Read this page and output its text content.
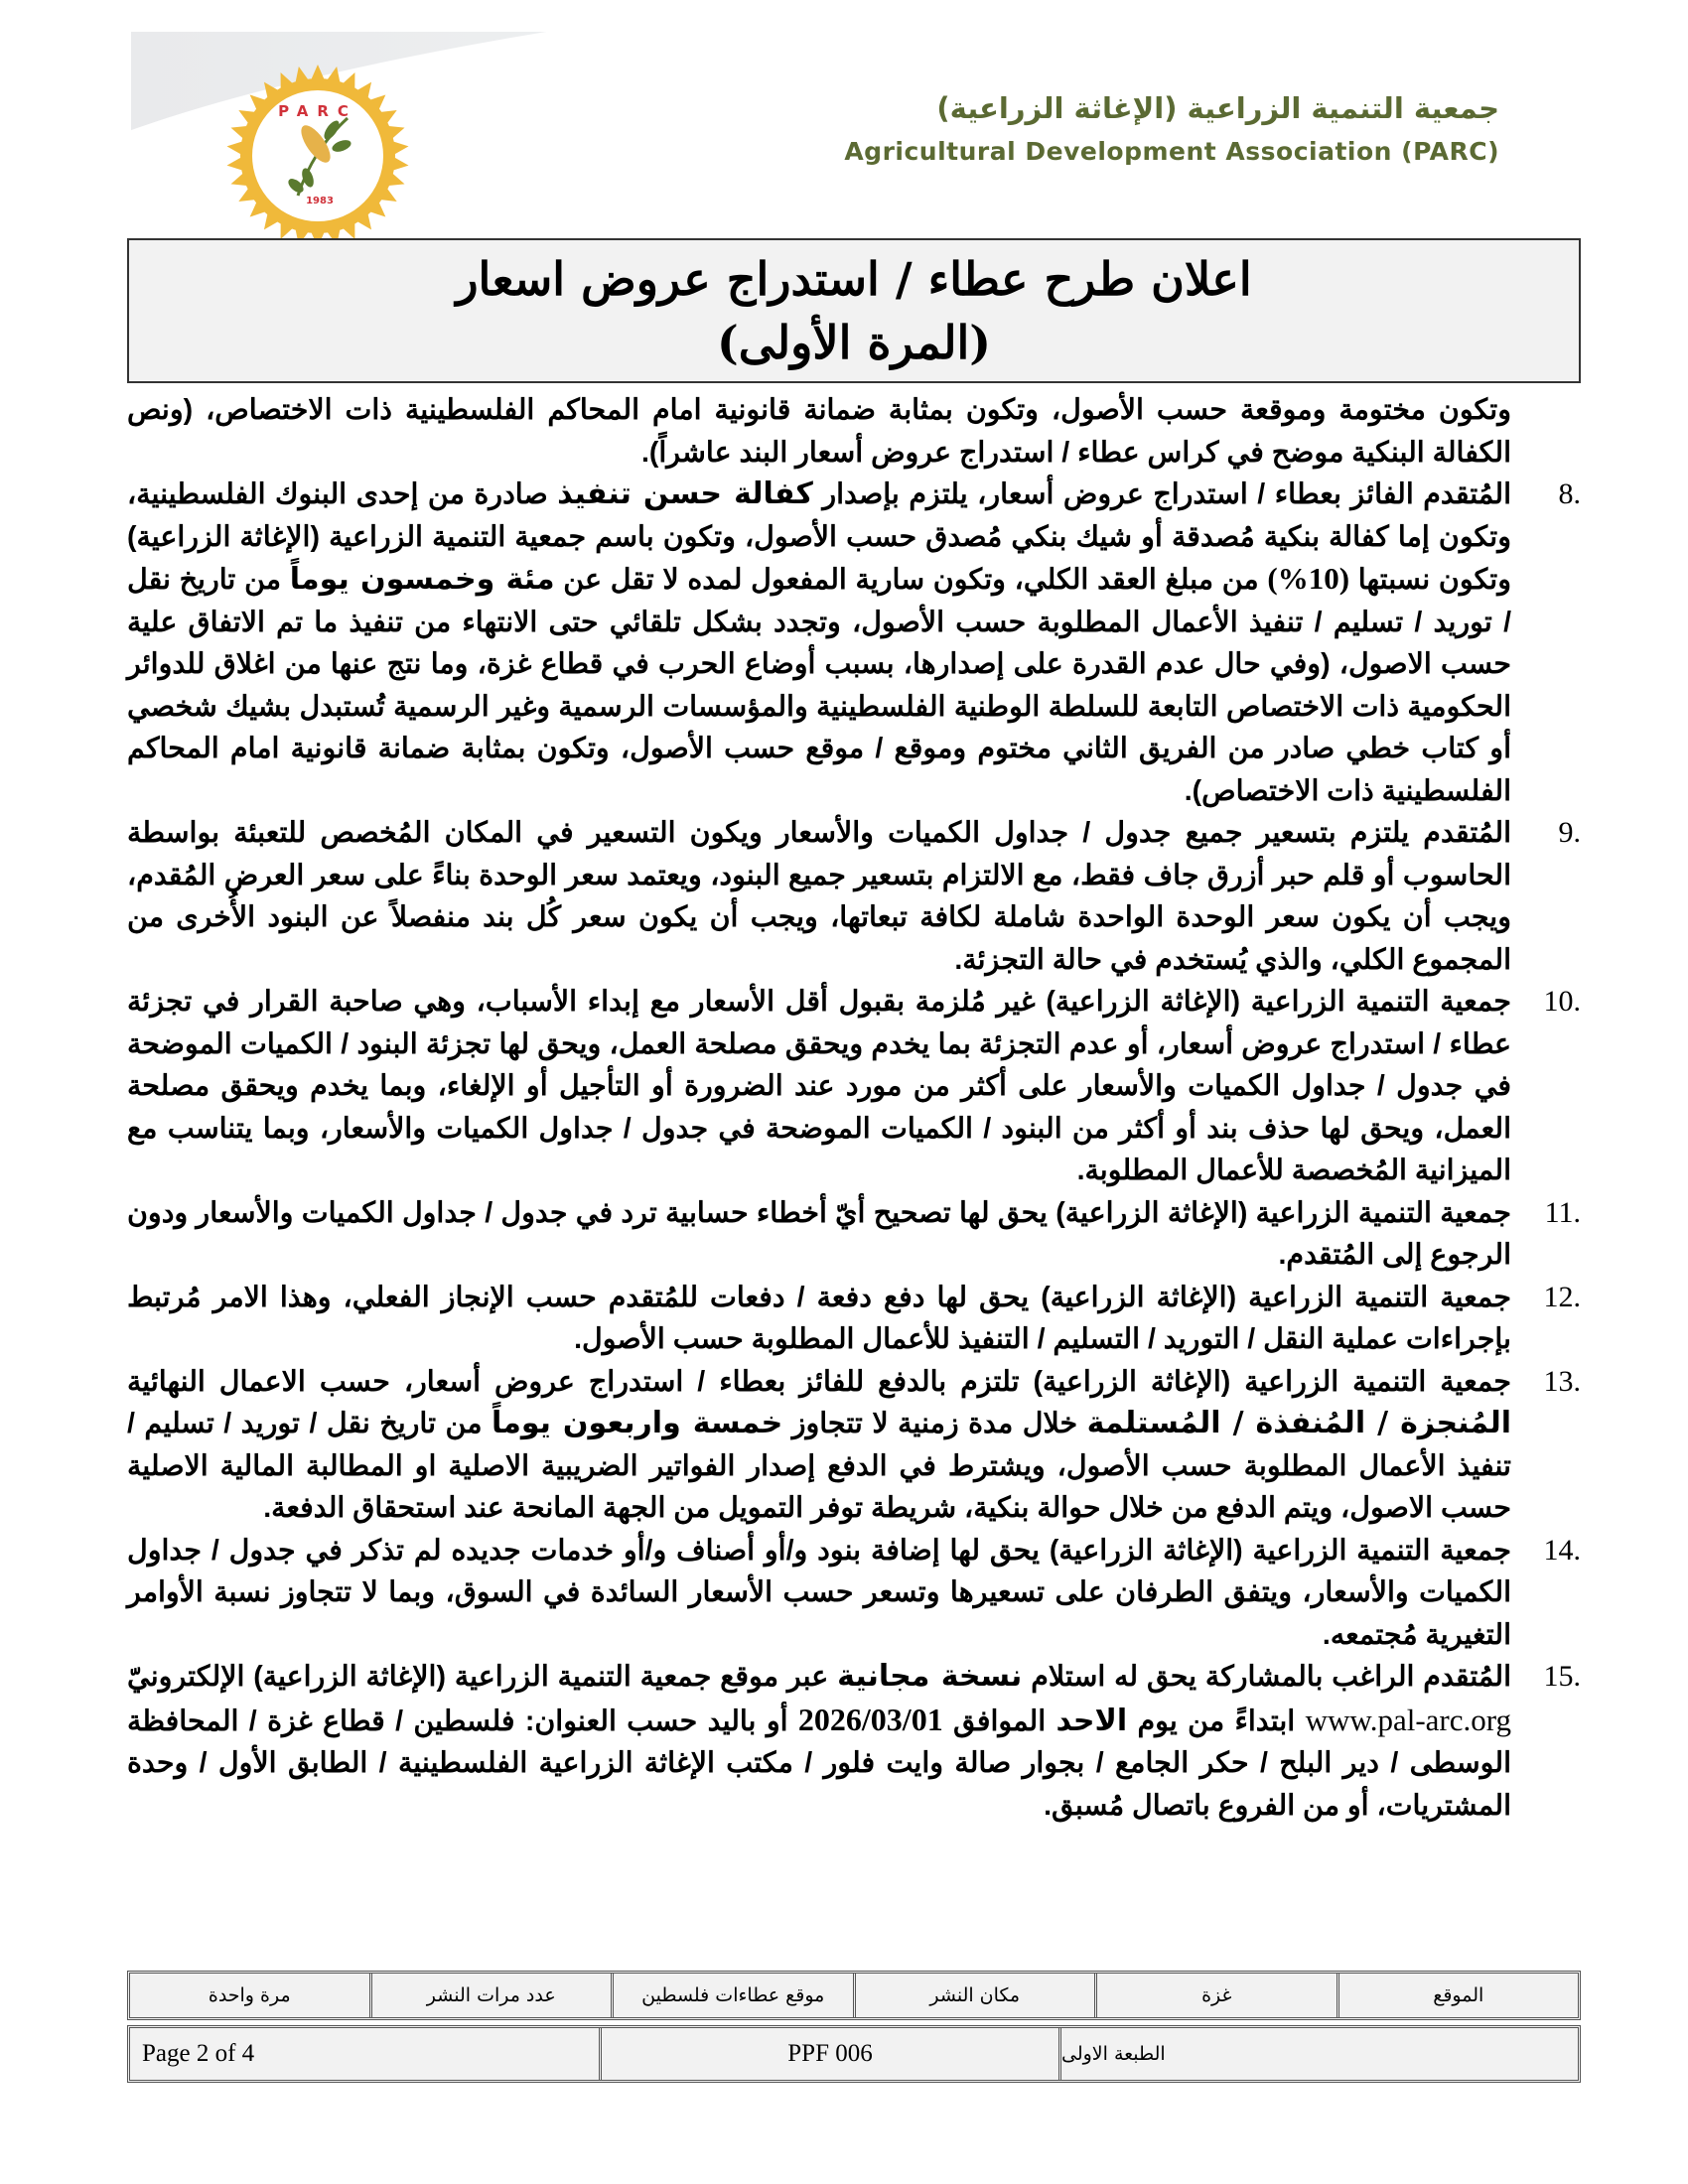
PARC
1983
جمعية التنمية الزراعية (الإغاثة الزراعية)
Agricultural Development Association (PARC)
اعلان طرح عطاء / استدراج عروض اسعار
(المرة الأولى)
وتكون مختومة وموقعة حسب الأصول، وتكون بمثابة ضمانة قانونية امام المحاكم الفلسطينية ذات الاختصاص، (ونص الكفالة البنكية موضح في كراس عطاء / استدراج عروض أسعار البند عاشراً).
8.
المُتقدم الفائز بعطاء / استدراج عروض أسعار، يلتزم بإصدار كفالة حسن تنفيذ صادرة من إحدى البنوك الفلسطينية، وتكون إما كفالة بنكية مُصدقة أو شيك بنكي مُصدق حسب الأصول، وتكون باسم جمعية التنمية الزراعية (الإغاثة الزراعية) وتكون نسبتها (10%) من مبلغ العقد الكلي، وتكون سارية المفعول لمده لا تقل عن مئة وخمسون يوماً من تاريخ نقل / توريد / تسليم / تنفيذ الأعمال المطلوبة حسب الأصول، وتجدد بشكل تلقائي حتى الانتهاء من تنفيذ ما تم الاتفاق علية حسب الاصول، (وفي حال عدم القدرة على إصدارها، بسبب أوضاع الحرب في قطاع غزة، وما نتج عنها من اغلاق للدوائر الحكومية ذات الاختصاص التابعة للسلطة الوطنية الفلسطينية والمؤسسات الرسمية وغير الرسمية تُستبدل بشيك شخصي أو كتاب خطي صادر من الفريق الثاني مختوم وموقع / موقع حسب الأصول، وتكون بمثابة ضمانة قانونية امام المحاكم الفلسطينية ذات الاختصاص).
9.
المُتقدم يلتزم بتسعير جميع جدول / جداول الكميات والأسعار ويكون التسعير في المكان المُخصص للتعبئة بواسطة الحاسوب أو قلم حبر أزرق جاف فقط، مع الالتزام بتسعير جميع البنود، ويعتمد سعر الوحدة بناءً على سعر العرض المُقدم، ويجب أن يكون سعر الوحدة الواحدة شاملة لكافة تبعاتها، ويجب أن يكون سعر كُل بند منفصلاً عن البنود الأُخرى من المجموع الكلي، والذي يُستخدم في حالة التجزئة.
10.
جمعية التنمية الزراعية (الإغاثة الزراعية) غير مُلزمة بقبول أقل الأسعار مع إبداء الأسباب، وهي صاحبة القرار في تجزئة عطاء / استدراج عروض أسعار، أو عدم التجزئة بما يخدم ويحقق مصلحة العمل، ويحق لها تجزئة البنود / الكميات الموضحة في جدول / جداول الكميات والأسعار على أكثر من مورد عند الضرورة أو التأجيل أو الإلغاء، وبما يخدم ويحقق مصلحة العمل، ويحق لها حذف بند أو أكثر من البنود / الكميات الموضحة في جدول / جداول الكميات والأسعار، وبما يتناسب مع الميزانية المُخصصة للأعمال المطلوبة.
11.
جمعية التنمية الزراعية (الإغاثة الزراعية) يحق لها تصحيح أيّ أخطاء حسابية ترد في جدول / جداول الكميات والأسعار ودون الرجوع إلى المُتقدم.
12.
جمعية التنمية الزراعية (الإغاثة الزراعية) يحق لها دفع دفعة / دفعات للمُتقدم حسب الإنجاز الفعلي، وهذا الامر مُرتبط بإجراءات عملية النقل / التوريد / التسليم / التنفيذ للأعمال المطلوبة حسب الأصول.
13.
جمعية التنمية الزراعية (الإغاثة الزراعية) تلتزم بالدفع للفائز بعطاء / استدراج عروض أسعار، حسب الاعمال النهائية المُنجزة / المُنفذة / المُستلمة خلال مدة زمنية لا تتجاوز خمسة واربعون يوماً من تاريخ نقل / توريد / تسليم / تنفيذ الأعمال المطلوبة حسب الأصول، ويشترط في الدفع إصدار الفواتير الضريبية الاصلية او المطالبة المالية الاصلية حسب الاصول، ويتم الدفع من خلال حوالة بنكية، شريطة توفر التمويل من الجهة المانحة عند استحقاق الدفعة.
14.
جمعية التنمية الزراعية (الإغاثة الزراعية) يحق لها إضافة بنود و/أو أصناف و/أو خدمات جديده لم تذكر في جدول / جداول الكميات والأسعار، ويتفق الطرفان على تسعيرها وتسعر حسب الأسعار السائدة في السوق، وبما لا تتجاوز نسبة الأوامر التغيرية مُجتمعه.
15.
المُتقدم الراغب بالمشاركة يحق له استلام نسخة مجانية عبر موقع جمعية التنمية الزراعية (الإغاثة الزراعية) الإلكترونيّ www.pal-arc.org ابتداءً من يوم الاحد الموافق 2026/03/01 أو باليد حسب العنوان: فلسطين / قطاع غزة / المحافظة الوسطى / دير البلح / حكر الجامع / بجوار صالة وايت فلور / مكتب الإغاثة الزراعية الفلسطينية / الطابق الأول / وحدة المشتريات، أو من الفروع باتصال مُسبق.
الموقع
غزة
مكان النشر
موقع عطاءات فلسطين
عدد مرات النشر
مرة واحدة
Page 2 of 4	PPF 006	الطبعة الاولى
